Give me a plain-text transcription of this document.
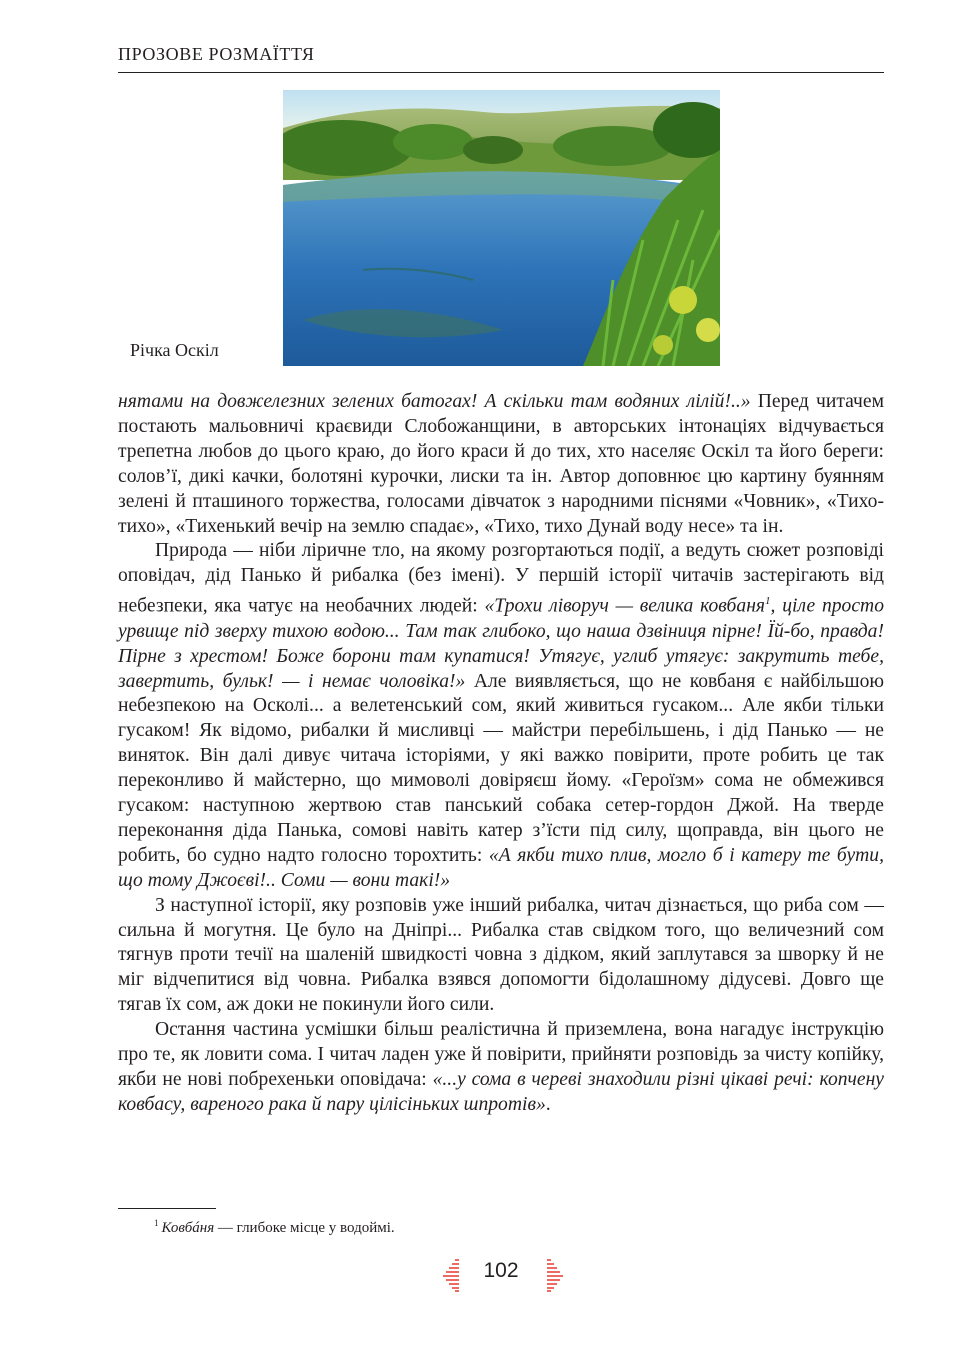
ПРОЗОВЕ РОЗМАЇТТЯ
Річка Оскіл

нятами на довжелезних зелених батогах! А скільки там водяних лілій!..» Перед читачем постають мальовничі краєвиди Слобожанщини, в авторських інтонаціях відчувається трепетна любов до цього краю, до його краси й до тих, хто населяє Оскіл та його береги: солов’ї, дикі качки, болотяні курочки, лиски та ін. Автор доповнює цю картину буянням зелені й пташиного торжества, голосами дівчаток з народними піснями «Човник», «Тихо-тихо», «Тихенький вечір на землю спадає», «Тихо, тихо Дунай воду несе» та ін.

Природа — ніби ліричне тло, на якому розгортаються події, а ведуть сюжет розповіді оповідач, дід Панько й рибалка (без імені). У першій історії читачів застерігають від небезпеки, яка чатує на необачних людей: «Трохи ліворуч — велика ковбаня$^1$, ціле просто урвище під зверху тихою водою... Там так глибоко, що наша дзвіниця пірне! Їй-бо, правда! Пірне з хрестом! Боже борони там купатися! Утягує, углиб утягує: закрутить тебе, завертить, бульк! — і немає чоловіка!» Але виявляється, що не ковбаня є найбільшою небезпекою на Осколі... а велетенський сом, який живиться гусаком... Але якби тільки гусаком! Як відомо, рибалки й мисливці — майстри перебільшень, і дід Панько — не виняток. Він далі дивує читача історіями, у які важко повірити, проте робить це так переконливо й майстерно, що мимоволі довіряєш йому. «Героїзм» сома не обмежився гусаком: наступною жертвою став панський собака сетер-гордон Джой. На тверде переконання діда Панька, сомові навіть катер з’їсти під силу, щоправда, він цього не робить, бо судно надто голосно торохтить: «А якби тихо плив, могло б і катеру те бути, що тому Джоєві!.. Соми — вони такі!»

З наступної історії, яку розповів уже інший рибалка, читач дізнається, що риба сом — сильна й могутня. Це було на Дніпрі... Рибалка став свідком того, що величезний сом тягнув проти течії на шаленій швидкості човна з дідком, який заплутався за шворку й не міг відчепитися від човна. Рибалка взявся допомогти бідолашному дідусеві. Довго ще тягав їх сом, аж доки не покинули його сили.

Остання частина усмішки більш реалістична й приземлена, вона нагадує інструкцію про те, як ловити сома. І читач ладен уже й повірити, прийняти розповідь за чисту копійку, якби не нові побрехеньки оповідача: «...у сома в череві знаходили різні цікаві речі: копчену ковбасу, вареного рака й пару цілісіньких шпротів».

$^1$ Ковбáня — глибоке місце у водоймі.
102
